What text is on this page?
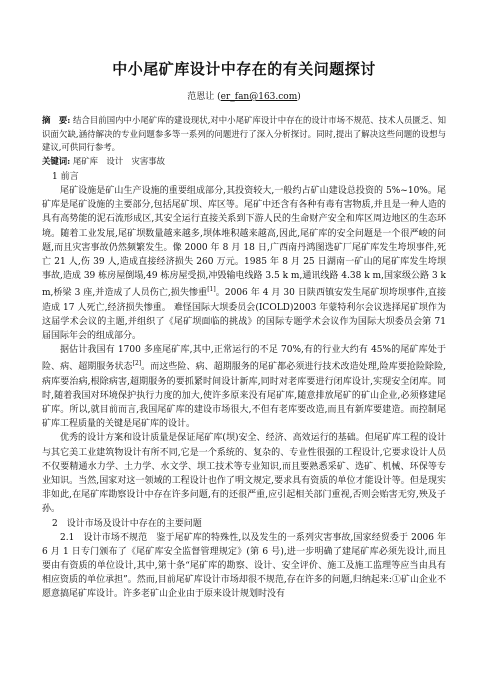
中小尾矿库设计中存在的有关问题探讨
范恩让 (er_fan@163.com)
摘　要: 结合目前国内中小尾矿库的建设现状,对中小尾矿库设计中存在的设计市场不规范、技术人员匮乏、知识面欠缺,涵待解决的专业问题参多等一系列的问题进行了深入分析探讨。同时,提出了解决这些问题的设想与建议,可供同行参考。
关键词: 尾矿库　设计　灾害事故
1 前言

尾矿设施是矿山生产设施的重要组成部分,其投资较大,一般约占矿山建设总投资的 5%~10%。尾矿库是尾矿设施的主要部分,包括尾矿坝、库区等。尾矿中还含有各种有毒有害物质,并且是一种人造的具有高势能的泥石流形成区,其安全运行直接关系到下游人民的生命财产安全和库区周边地区的生态环境。随着工业发展,尾矿坝数量越来越多,坝体堆积越来越高,因此,尾矿库的安全问题是一个很严峻的问题,而且灾害事故仍然频繁发生。像 2000 年 8 月 18 日,广西南丹鸿图选矿厂尾矿库发生垮坝事件,死亡 21 人,伤 39 人,造成直接经济损失 260 万元。1985 年 8 月 25 日湖南一矿山的尾矿库发生垮坝事故,造成 39 栋房屋倒塌,49 栋房屋受损,冲毁输电线路 3.5 k m,通讯线路 4.38 k m,国家级公路 3 k m,桥梁 3 座,并造成了人员伤亡,损失惨重[1]。2006 年 4 月 30 日陕西镇安发生尾矿坝垮坝事件,直接造成 17 人死亡,经济损失惨重。 难怪国际大坝委员会(ICOLD)2003 年蒙特利尔会议选择尾矿坝作为这届学术会议的主题,并组织了《尾矿坝面临的挑战》的国际专题学术会议作为国际大坝委员会第 71 届国际年会的组成部分。

据估计我国有 1700 多座尾矿库,其中,正常运行的不足 70%,有的行业大约有 45%的尾矿库处于险、病、超期服务状态[2]。而这些险、病、超期服务的尾矿都必须进行技术改造处理,险库要抢险除险,病库要治病,根除病害,超期服务的要抓紧时间设计新库,同时对老库要进行闭库设计,实现安全闭库。同时,随着我国对环境保护执行力度的加大,使许多原来没有尾矿库,随意排放尾矿的矿山企业,必须修建尾矿库。所以,就目前而言,我国尾矿库的建设市场很大,不但有老库要改造,而且有新库要建造。而控制尾矿库工程质量的关键是尾矿库的设计。

优秀的设计方案和设计质量是保证尾矿库(坝)安全、经济、高效运行的基础。但尾矿库工程的设计与其它美工业建筑物设计有所不同,它是一个系统的、复杂的、专业性很强的工程设计,它要求设计人员不仅要精通水力学、土力学、水文学、坝工技术等专业知识,而且要熟悉采矿、选矿、机械、环保等专业知识。当然,国家对这一领域的工程设计也作了明文规定,要求具有资质的单位才能设计等。但是现实非如此,在尾矿库勘察设计中存在许多问题,有的还很严重,应引起相关部门重视,否则会贻害无穷,殃及子孙。

2　设计市场及设计中存在的主要问题

2.1　设计市场不规范　 鉴于尾矿库的特殊性,以及发生的一系列灾害事故,国家经贸委于 2006 年 6 月 1 日专门颁布了《尾矿库安全监督管理规定》(第 6 号),进一步明确了建尾矿库必须先设计,而且要由有资质的单位设计,其中,第十条“尾矿库的勘察、设计、安全评价、施工及施工监理等应当由具有相应资质的单位承担”。然而,目前尾矿库设计市场却很不规范,存在许多的问题,归纳起来:①矿山企业不愿意搞尾矿库设计。许多老矿山企业由于原来设计规划时没有
